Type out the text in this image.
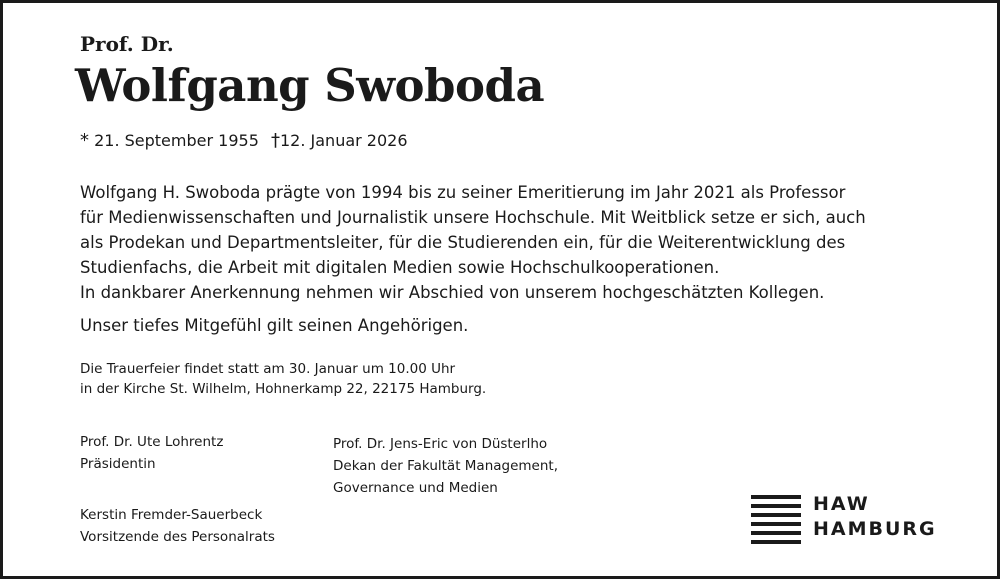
Prof. Dr.
Wolfgang Swoboda
* 21. September 1955 †12. Januar 2026
Wolfgang H. Swoboda prägte von 1994 bis zu seiner Emeritierung im Jahr 2021 als Professor
für Medienwissenschaften und Journalistik unsere Hochschule. Mit Weitblick setze er sich, auch
als Prodekan und Departmentsleiter, für die Studierenden ein, für die Weiterentwicklung des
Studienfachs, die Arbeit mit digitalen Medien sowie Hochschulkooperationen.
In dankbarer Anerkennung nehmen wir Abschied von unserem hochgeschätzten Kollegen.
Unser tiefes Mitgefühl gilt seinen Angehörigen.
Die Trauerfeier findet statt am 30. Januar um 10.00 Uhr
in der Kirche St. Wilhelm, Hohnerkamp 22, 22175 Hamburg.
Prof. Dr. Ute Lohrentz
Präsidentin
Prof. Dr. Jens-Eric von Düsterlho
Dekan der Fakultät Management,
Governance und Medien
Kerstin Fremder-Sauerbeck
Vorsitzende des Personalrats
HAW
HAMBURG
